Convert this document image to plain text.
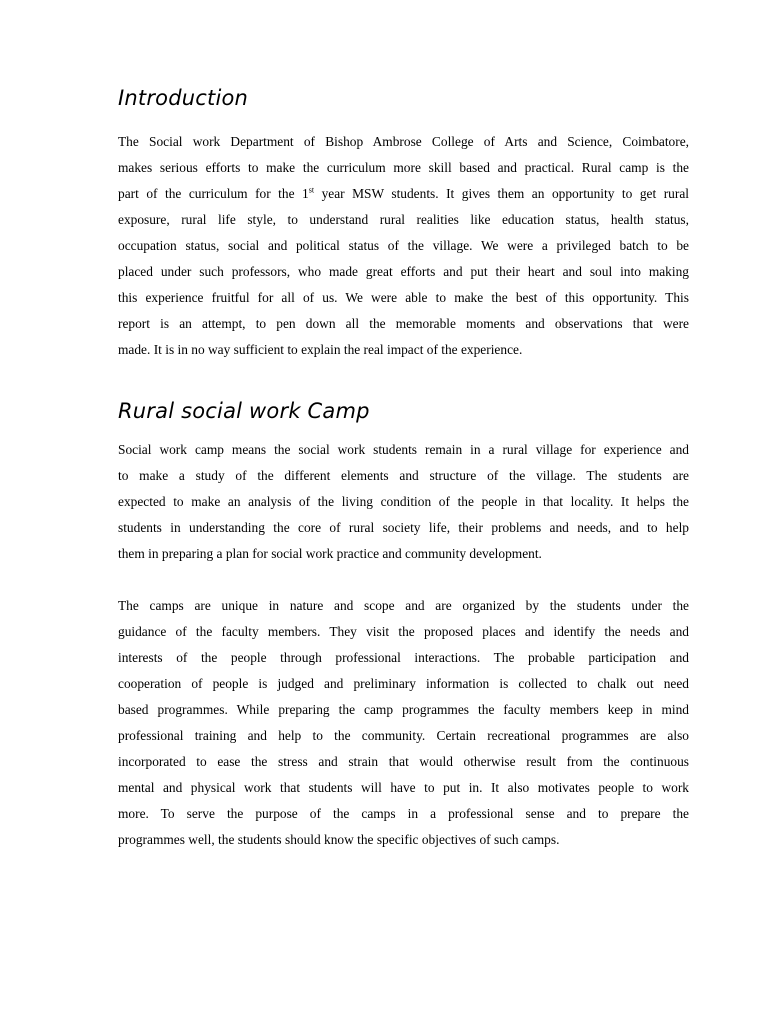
Introduction

The Social work Department of Bishop Ambrose College of Arts and Science, Coimbatore,
makes serious efforts to make the curriculum more skill based and practical. Rural camp is the
part of the curriculum for the 1st year MSW students. It gives them an opportunity to get rural
exposure, rural life style, to understand rural realities like education status, health status,
occupation status, social and political status of the village. We were a privileged batch to be
placed under such professors, who made great efforts and put their heart and soul into making
this experience fruitful for all of us. We were able to make the best of this opportunity. This
report is an attempt, to pen down all the memorable moments and observations that were
made. It is in no way sufficient to explain the real impact of the experience.

Rural social work Camp

Social work camp means the social work students remain in a rural village for experience and
to make a study of the different elements and structure of the village. The students are
expected to make an analysis of the living condition of the people in that locality. It helps the
students in understanding the core of rural society life, their problems and needs, and to help
them in preparing a plan for social work practice and community development.

The camps are unique in nature and scope and are organized by the students under the
guidance of the faculty members. They visit the proposed places and identify the needs and
interests of the people through professional interactions. The probable participation and
cooperation of people is judged and preliminary information is collected to chalk out need
based programmes. While preparing the camp programmes the faculty members keep in mind
professional training and help to the community. Certain recreational programmes are also
incorporated to ease the stress and strain that would otherwise result from the continuous
mental and physical work that students will have to put in. It also motivates people to work
more. To serve the purpose of the camps in a professional sense and to prepare the
programmes well, the students should know the specific objectives of such camps.
